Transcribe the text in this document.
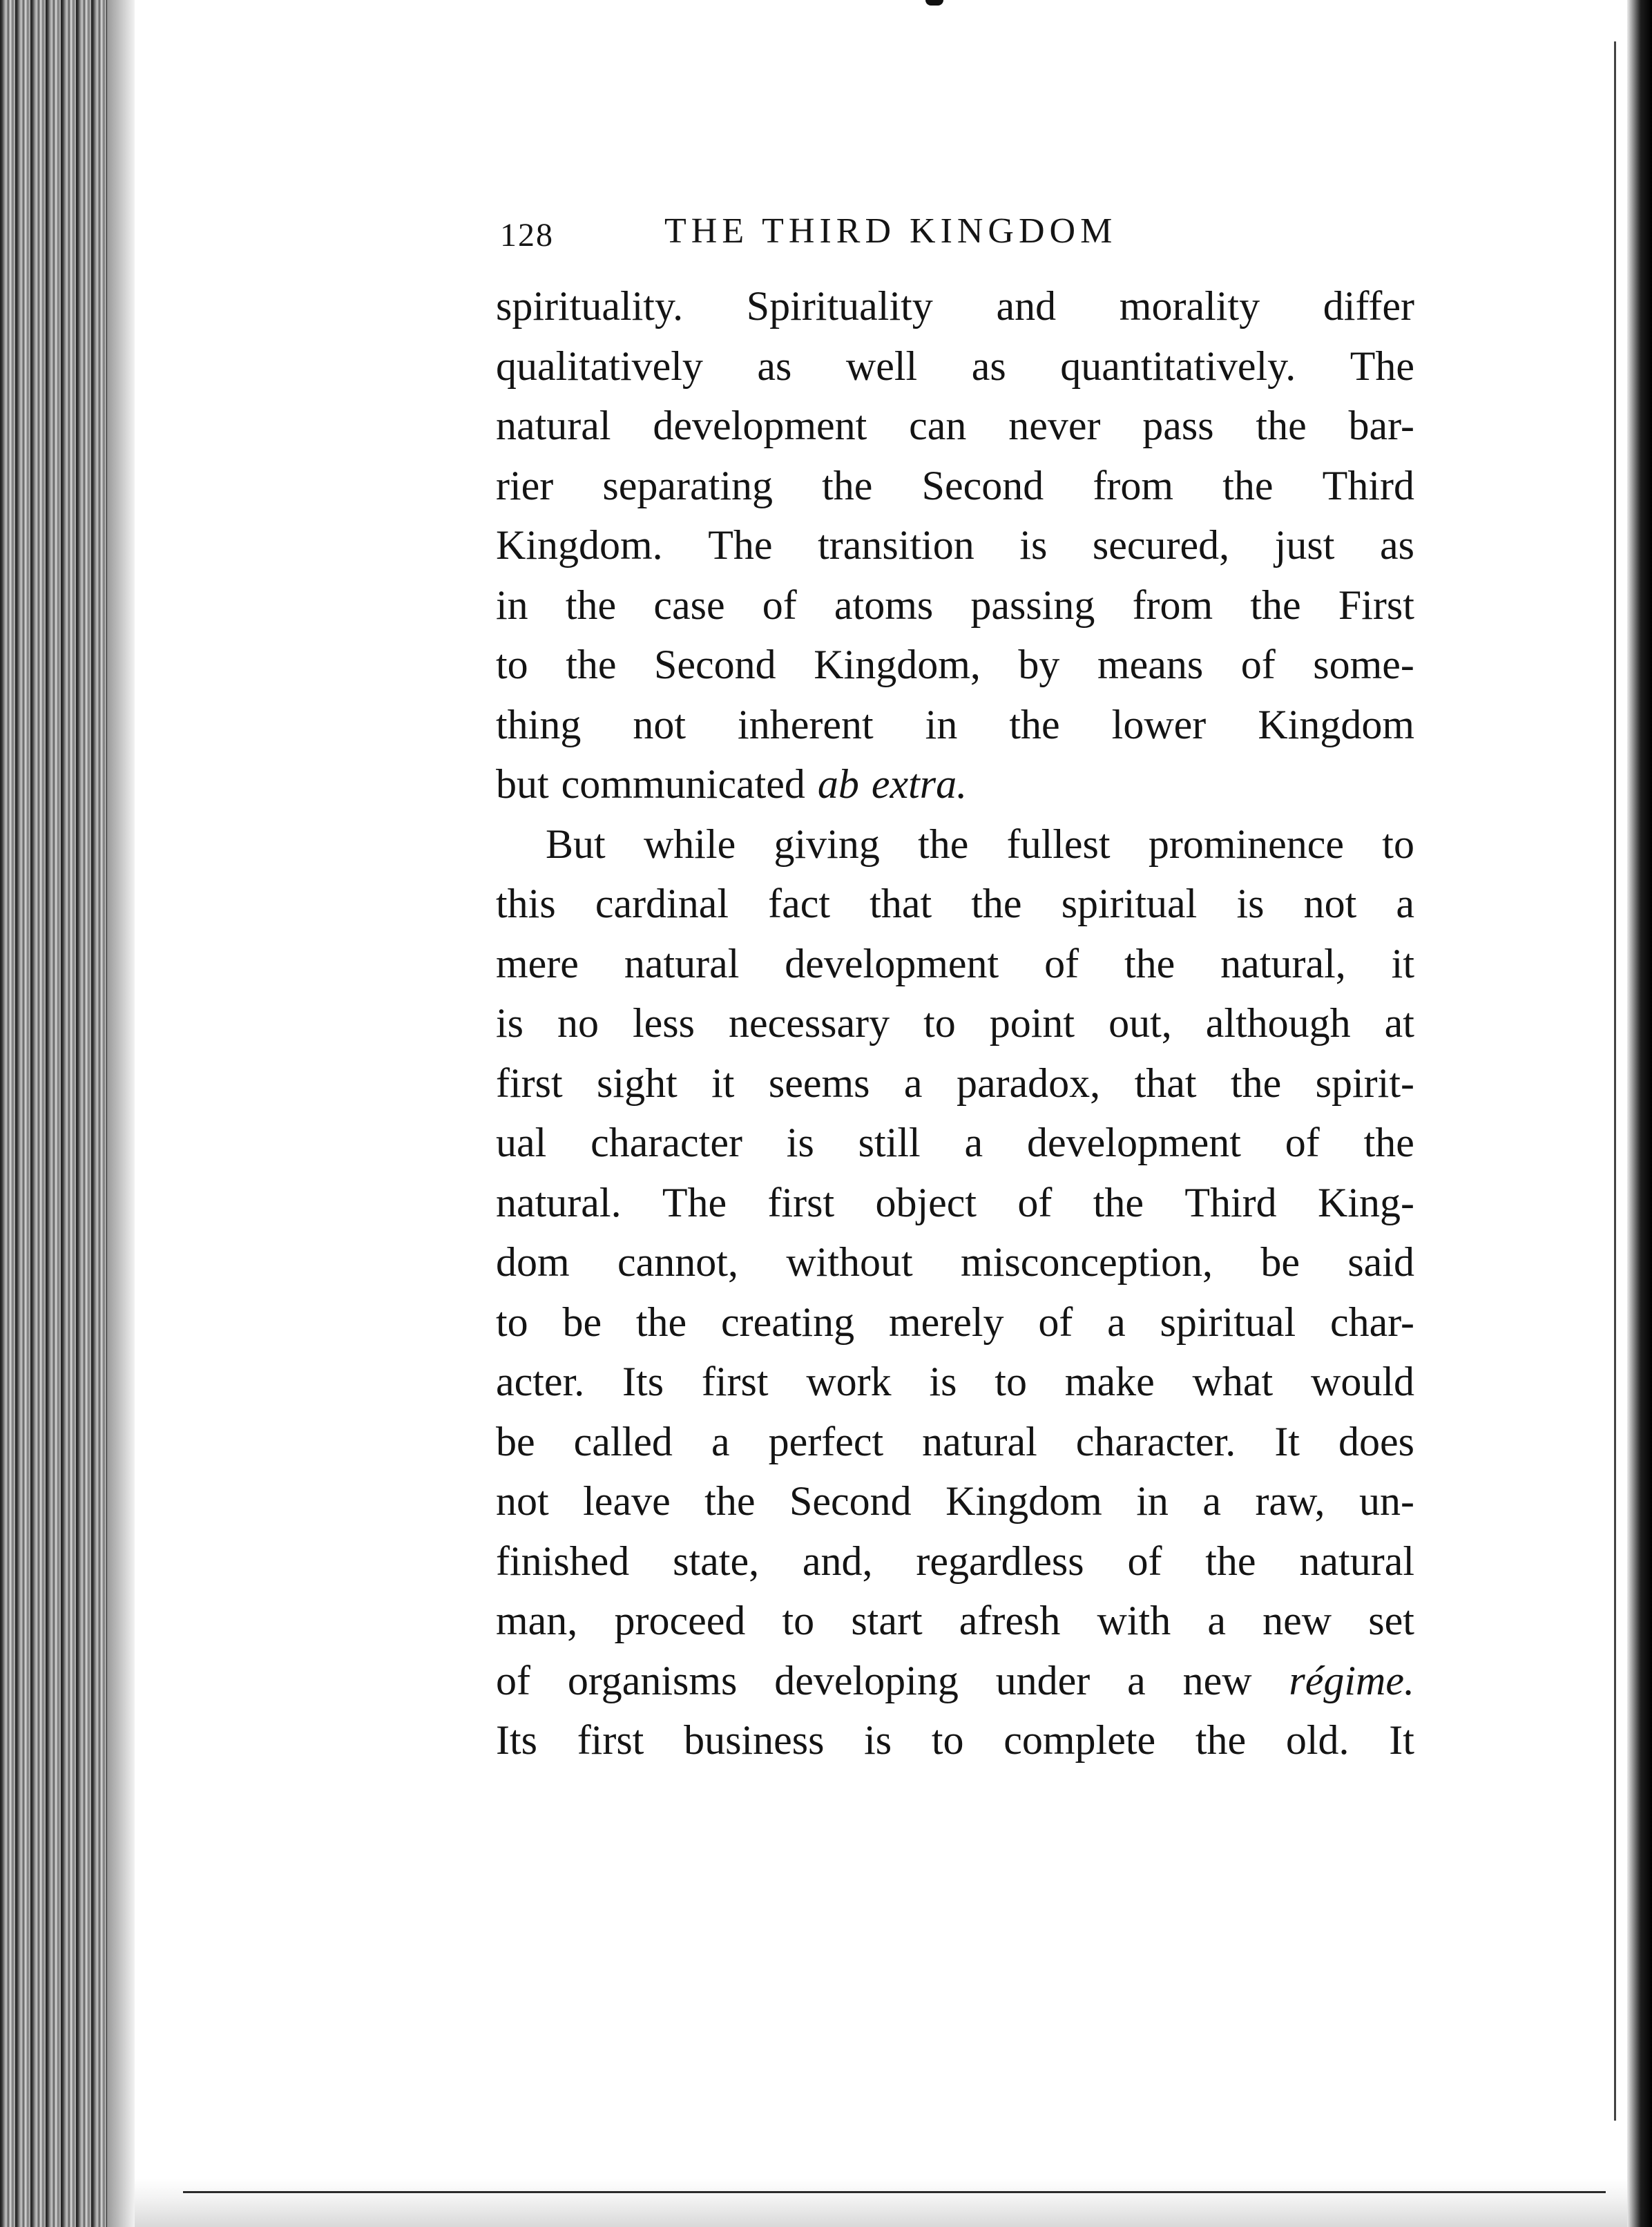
128	THE THIRD KINGDOM
spirituality. Spirituality and morality differ
qualitatively as well as quantitatively. The
natural development can never pass the bar-
rier separating the Second from the Third
Kingdom. The transition is secured, just as
in the case of atoms passing from the First
to the Second Kingdom, by means of some-
thing not inherent in the lower Kingdom
but communicated ab extra.
But while giving the fullest prominence to
this cardinal fact that the spiritual is not a
mere natural development of the natural, it
is no less necessary to point out, although at
first sight it seems a paradox, that the spirit-
ual character is still a development of the
natural. The first object of the Third King-
dom cannot, without misconception, be said
to be the creating merely of a spiritual char-
acter. Its first work is to make what would
be called a perfect natural character. It does
not leave the Second Kingdom in a raw, un-
finished state, and, regardless of the natural
man, proceed to start afresh with a new set
of organisms developing under a new régime.
Its first business is to complete the old. It
